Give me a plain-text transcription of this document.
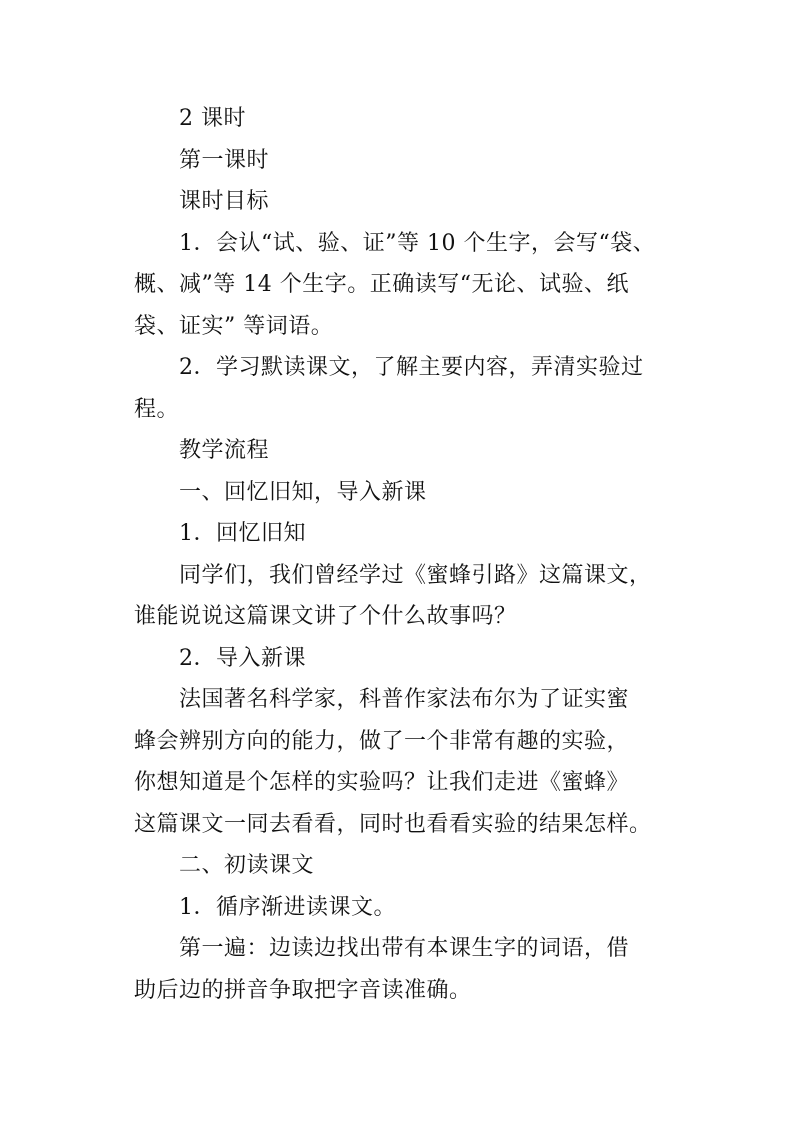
2 课时

第一课时

课时目标

1．会认“试、验、证”等 10 个生字，会写“袋、
概、减”等 14 个生字。正确读写“无论、试验、纸
袋、证实” 等词语。

2．学习默读课文，了解主要内容，弄清实验过
程。

教学流程

一、回忆旧知，导入新课

1．回忆旧知

同学们，我们曾经学过《蜜蜂引路》这篇课文，
谁能说说这篇课文讲了个什么故事吗？

2．导入新课

法国著名科学家，科普作家法布尔为了证实蜜
蜂会辨别方向的能力，做了一个非常有趣的实验，
你想知道是个怎样的实验吗？让我们走进《蜜蜂》
这篇课文一同去看看，同时也看看实验的结果怎样。

二、初读课文

1．循序渐进读课文。

第一遍：边读边找出带有本课生字的词语，借
助后边的拼音争取把字音读准确。
